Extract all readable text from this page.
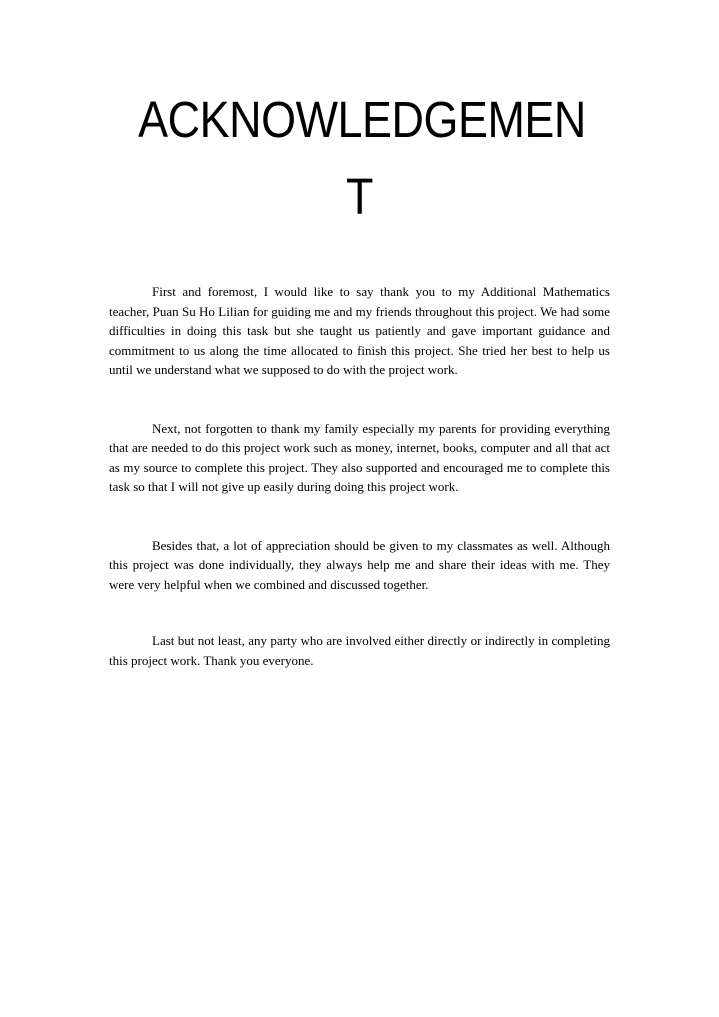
ACKNOWLEDGEMEN
T

First and foremost, I would like to say thank you to my Additional Mathematics teacher, Puan Su Ho Lilian for guiding me and my friends throughout this project. We had some difficulties in doing this task but she taught us patiently and gave important guidance and commitment to us along the time allocated to finish this project. She tried her best to help us until we understand what we supposed to do with the project work.

Next, not forgotten to thank my family especially my parents for providing everything that are needed to do this project work such as money, internet, books, computer and all that act as my source to complete this project. They also supported and encouraged me to complete this task so that I will not give up easily during doing this project work.

Besides that, a lot of appreciation should be given to my classmates as well. Although this project was done individually, they always help me and share their ideas with me. They were very helpful when we combined and discussed together.

Last but not least, any party who are involved either directly or indirectly in completing this project work. Thank you everyone.
